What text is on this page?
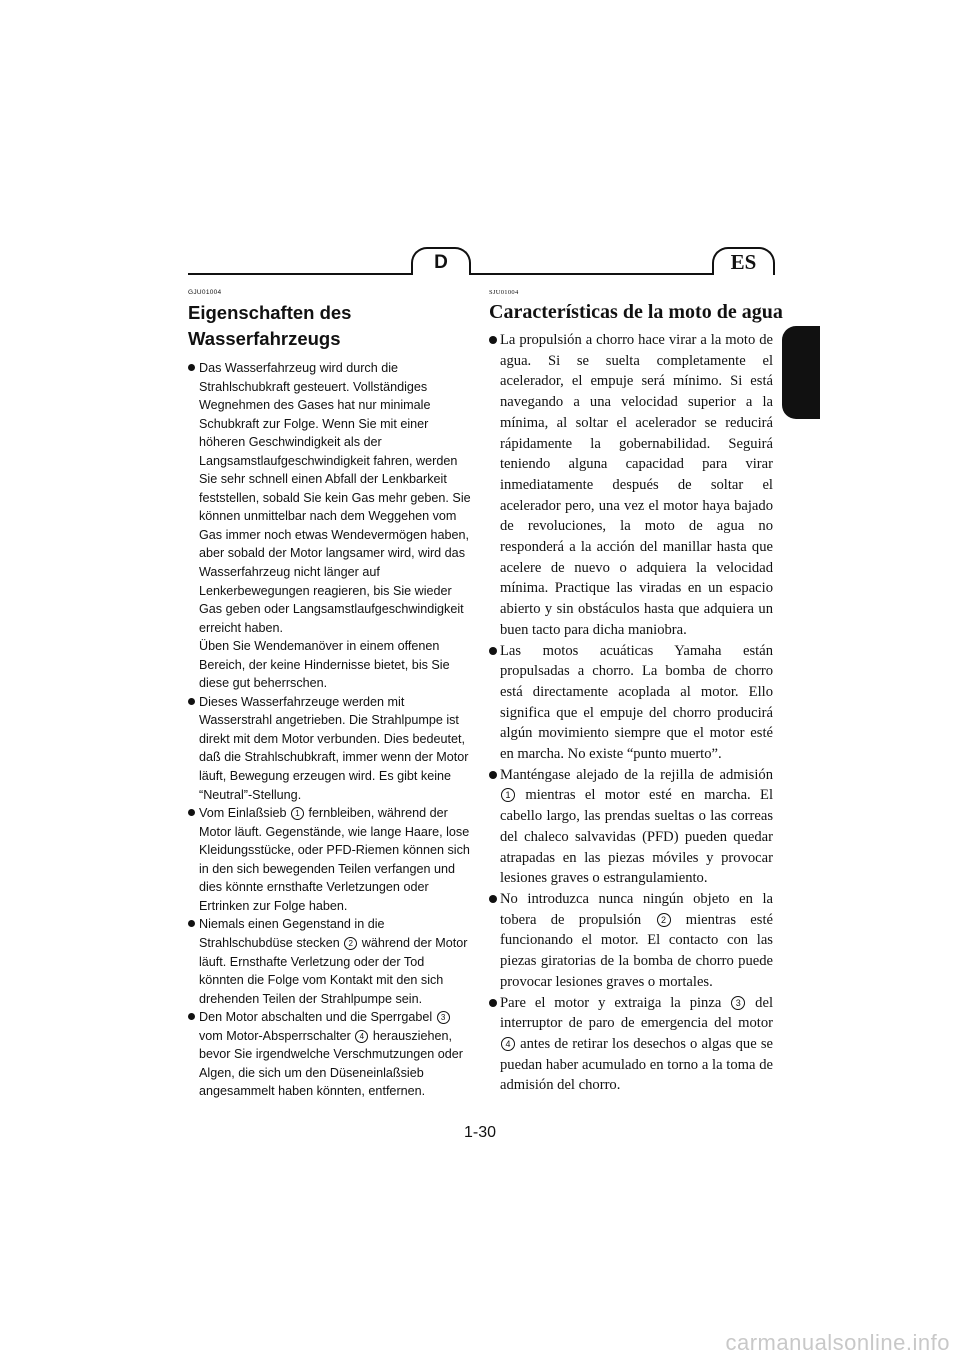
D	ES
GJU01004
Eigenschaften des Wasserfahrzeugs
Das Wasserfahrzeug wird durch die Strahlschubkraft gesteuert. Vollständiges Wegnehmen des Gases hat nur minimale Schubkraft zur Folge. Wenn Sie mit einer höheren Geschwindigkeit als der Langsamstlaufgeschwindigkeit fahren, werden Sie sehr schnell einen Abfall der Lenkbarkeit feststellen, sobald Sie kein Gas mehr geben. Sie können unmittelbar nach dem Weggehen vom Gas immer noch etwas Wendevermögen haben, aber sobald der Motor langsamer wird, wird das Wasserfahrzeug nicht länger auf Lenkerbewegungen reagieren, bis Sie wieder Gas geben oder Langsamstlaufgeschwindigkeit erreicht haben.
Üben Sie Wendemanöver in einem offenen Bereich, der keine Hindernisse bietet, bis Sie diese gut beherrschen.
Dieses Wasserfahrzeuge werden mit Wasserstrahl angetrieben. Die Strahlpumpe ist direkt mit dem Motor verbunden. Dies bedeutet, daß die Strahlschubkraft, immer wenn der Motor läuft, Bewegung erzeugen wird. Es gibt keine “Neutral”-Stellung.
Vom Einlaßsieb 1 fernbleiben, während der Motor läuft. Gegenstände, wie lange Haare, lose Kleidungsstücke, oder PFD-Riemen können sich in den sich bewegenden Teilen verfangen und dies könnte ernsthafte Verletzungen oder Ertrinken zur Folge haben.
Niemals einen Gegenstand in die Strahlschubdüse stecken 2 während der Motor läuft. Ernsthafte Verletzung oder der Tod könnten die Folge vom Kontakt mit den sich drehenden Teilen der Strahlpumpe sein.
Den Motor abschalten und die Sperrgabel 3 vom Motor-Absperrschalter 4 herausziehen, bevor Sie irgendwelche Verschmutzungen oder Algen, die sich um den Düseneinlaßsieb angesammelt haben könnten, entfernen.
SJU01004
Características de la moto de agua
La propulsión a chorro hace virar a la moto de agua. Si se suelta completamente el acelerador, el empuje será mínimo. Si está navegando a una velocidad superior a la mínima, al soltar el acelerador se reducirá rápidamente la gobernabilidad. Seguirá teniendo alguna capacidad para virar inmediatamente después de soltar el acelerador pero, una vez el motor haya bajado de revoluciones, la moto de agua no responderá a la acción del manillar hasta que acelere de nuevo o adquiera la velocidad mínima. Practique las viradas en un espacio abierto y sin obstáculos hasta que adquiera un buen tacto para dicha maniobra.
Las motos acuáticas Yamaha están propulsadas a chorro. La bomba de chorro está directamente acoplada al motor. Ello significa que el empuje del chorro producirá algún movimiento siempre que el motor esté en marcha. No existe “punto muerto”.
Manténgase alejado de la rejilla de admisión 1 mientras el motor esté en marcha. El cabello largo, las prendas sueltas o las correas del chaleco salvavidas (PFD) pueden quedar atrapadas en las piezas móviles y provocar lesiones graves o estrangulamiento.
No introduzca nunca ningún objeto en la tobera de propulsión 2 mientras esté funcionando el motor. El contacto con las piezas giratorias de la bomba de chorro puede provocar lesiones graves o mortales.
Pare el motor y extraiga la pinza 3 del interruptor de paro de emergencia del motor 4 antes de retirar los desechos o algas que se puedan haber acumulado en torno a la toma de admisión del chorro.
1-30
carmanualsonline.info
